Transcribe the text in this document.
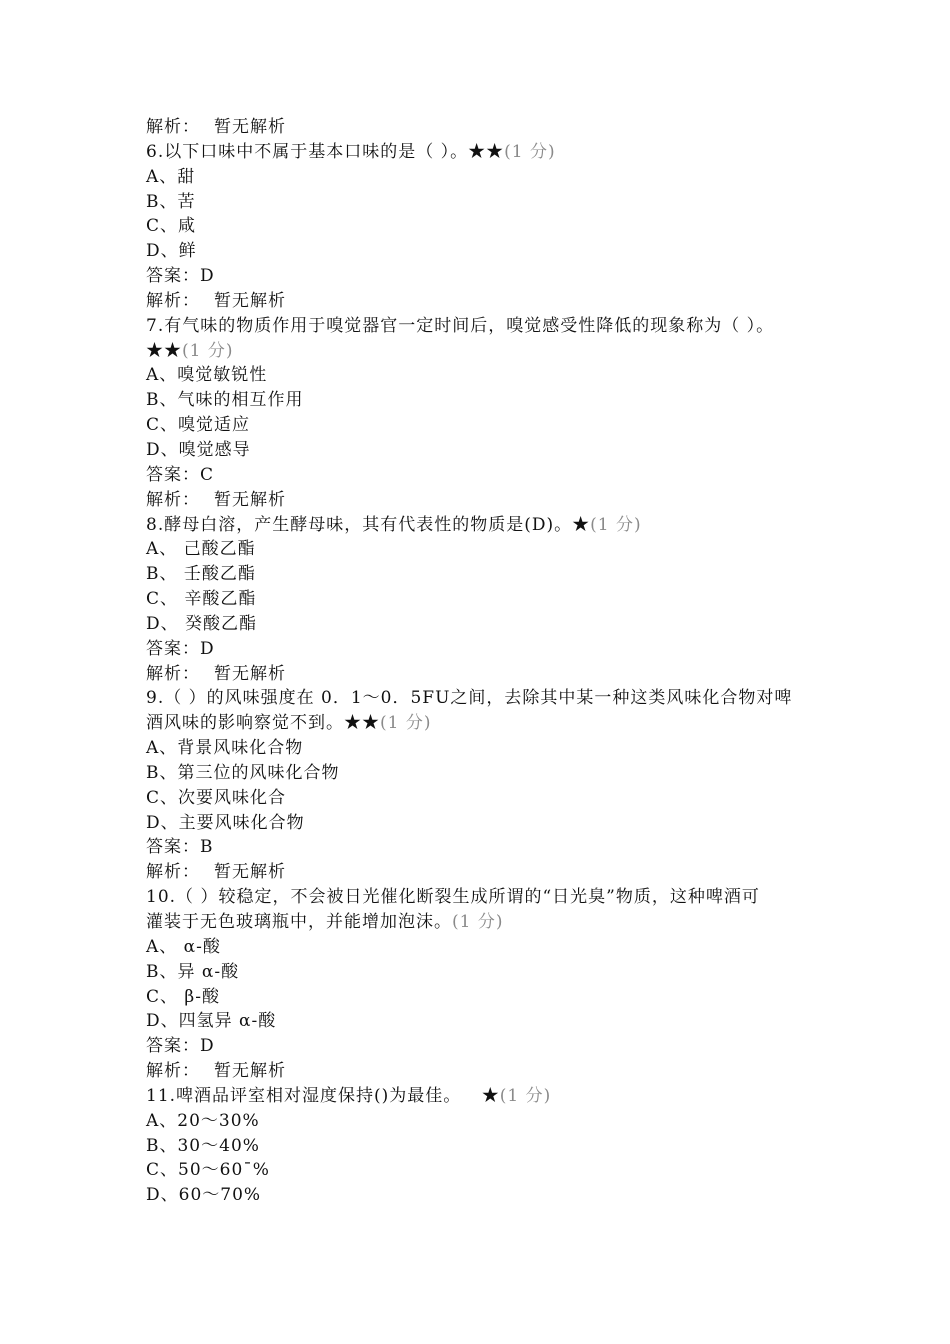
解析： 暂无解析
6.以下口味中不属于基本口味的是（ ）。★★(1 分)
A、甜
B、苦
C、咸
D、鲜
答案：D
解析： 暂无解析
7.有气味的物质作用于嗅觉器官一定时间后，嗅觉感受性降低的现象称为（ ）。
★★(1 分)
A、嗅觉敏锐性
B、气味的相互作用
C、嗅觉适应
D、嗅觉感导
答案：C
解析： 暂无解析
8.酵母白溶，产生酵母味，其有代表性的物质是(D)。★(1 分)
A、 己酸乙酯
B、 壬酸乙酯
C、 辛酸乙酯
D、 癸酸乙酯
答案：D
解析： 暂无解析
9.（ ）的风味强度在 0．1～0．5FU之间，去除其中某一种这类风味化合物对啤
酒风味的影响察觉不到。★★(1 分)
A、背景风味化合物
B、第三位的风味化合物
C、次要风味化合
D、主要风味化合物
答案：B
解析： 暂无解析
10.（ ）较稳定，不会被日光催化断裂生成所谓的“日光臭”物质，这种啤酒可
灌装于无色玻璃瓶中，并能增加泡沫。(1 分)
A、 α-酸
B、异 α-酸
C、 β-酸
D、四氢异 α-酸
答案：D
解析： 暂无解析
11.啤酒品评室相对湿度保持()为最佳。 ★(1 分)
A、20～30%
B、30～40%
C、50～60¯%
D、60～70%
